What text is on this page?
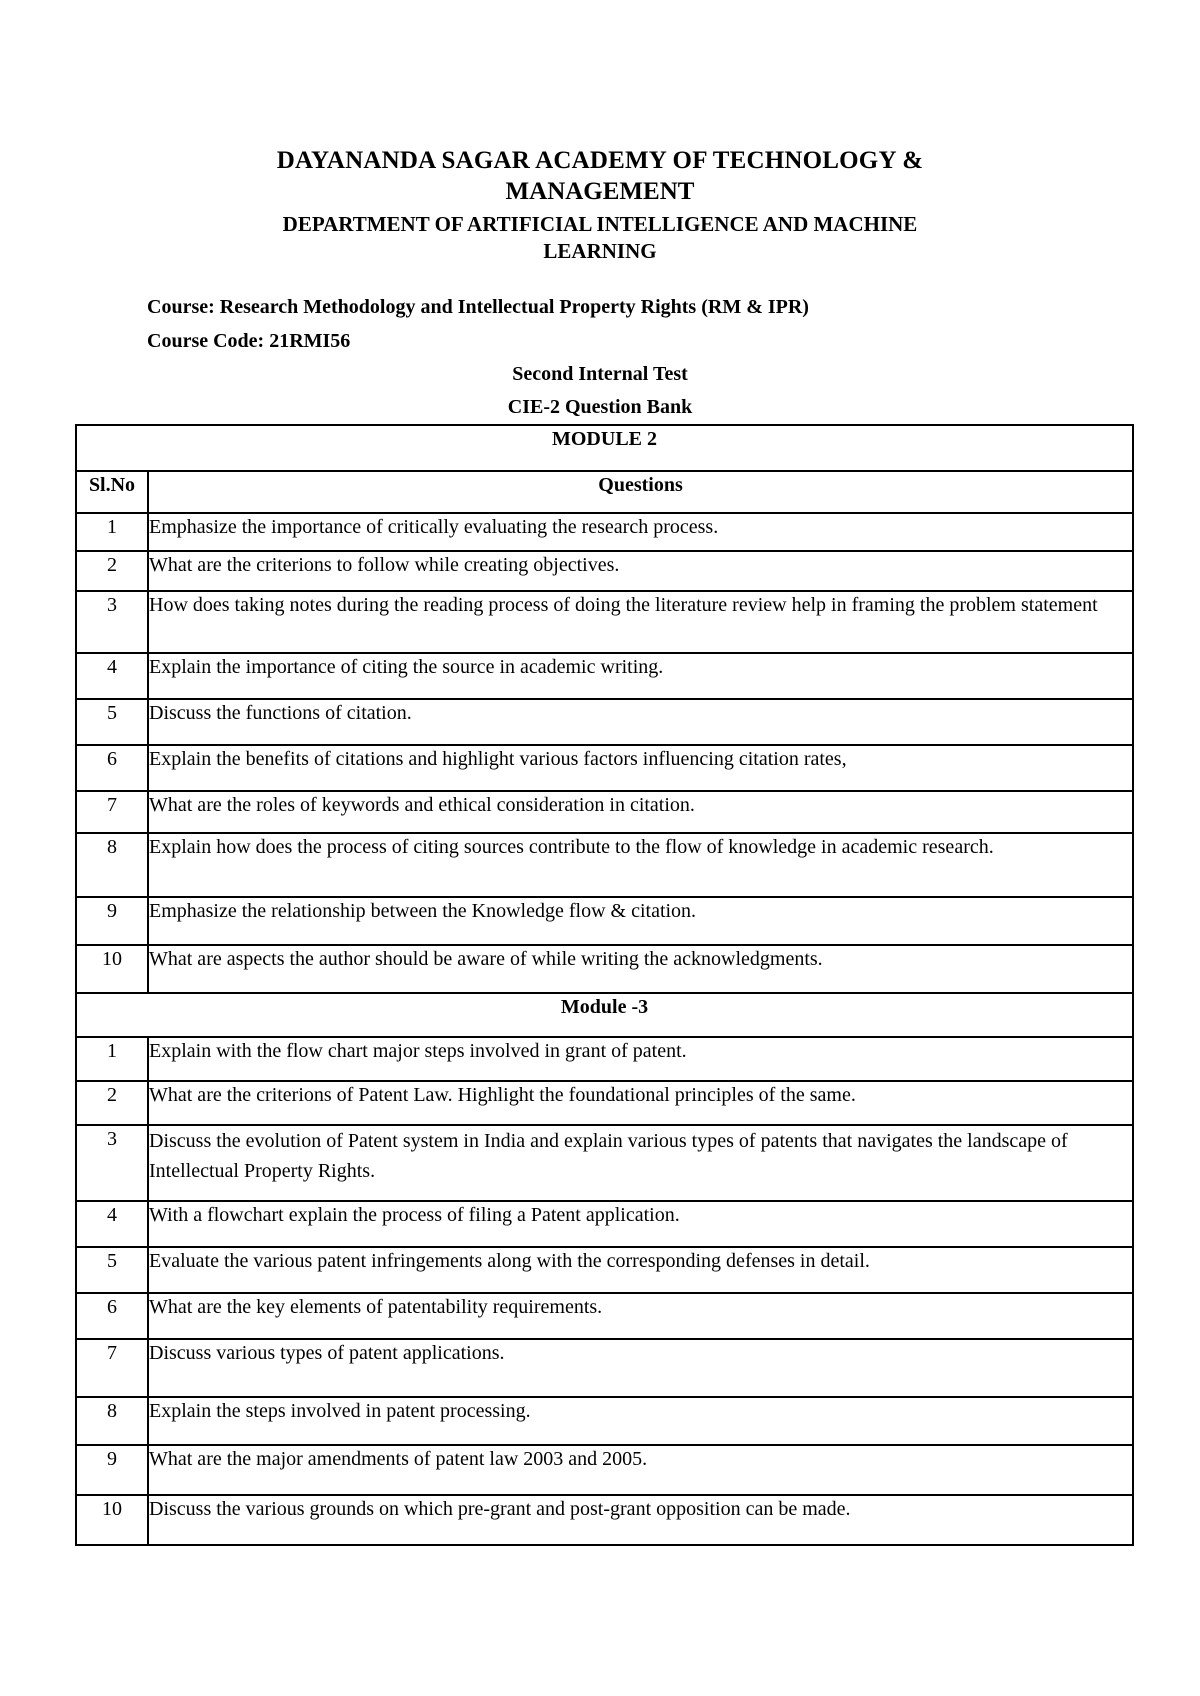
DAYANANDA SAGAR ACADEMY OF TECHNOLOGY &
MANAGEMENT
DEPARTMENT OF ARTIFICIAL INTELLIGENCE AND MACHINE
LEARNING
Course: Research Methodology and Intellectual Property Rights (RM & IPR)
Course Code: 21RMI56
Second Internal Test
CIE-2 Question Bank
MODULE 2	
Sl.No	Questions
1	Emphasize the importance of critically evaluating the research process.
2	What are the criterions to follow while creating objectives.
3	How does taking notes during the reading process of doing the literature review help in framing the problem statement
4	Explain the importance of citing the source in academic writing.
5	Discuss the functions of citation.
6	Explain the benefits of citations and highlight various factors influencing citation rates,
7	What are the roles of keywords and ethical consideration in citation.
8	Explain how does the process of citing sources contribute to the flow of knowledge in academic research.
9	Emphasize the relationship between the Knowledge flow & citation.
10	What are aspects the author should be aware of while writing the acknowledgments.
Module -3	
1	Explain with the flow chart major steps involved in grant of patent.
2	What are the criterions of Patent Law. Highlight the foundational principles of the same.
3	Discuss the evolution of Patent system in India and explain various types of patents that navigates the landscape of Intellectual Property Rights.
4	With a flowchart explain the process of filing a Patent application.
5	Evaluate the various patent infringements along with the corresponding defenses in detail.
6	What are the key elements of patentability requirements.
7	Discuss various types of patent applications.
8	Explain the steps involved in patent processing.
9	What are the major amendments of patent law 2003 and 2005.
10	Discuss the various grounds on which pre-grant and post-grant opposition can be made.
